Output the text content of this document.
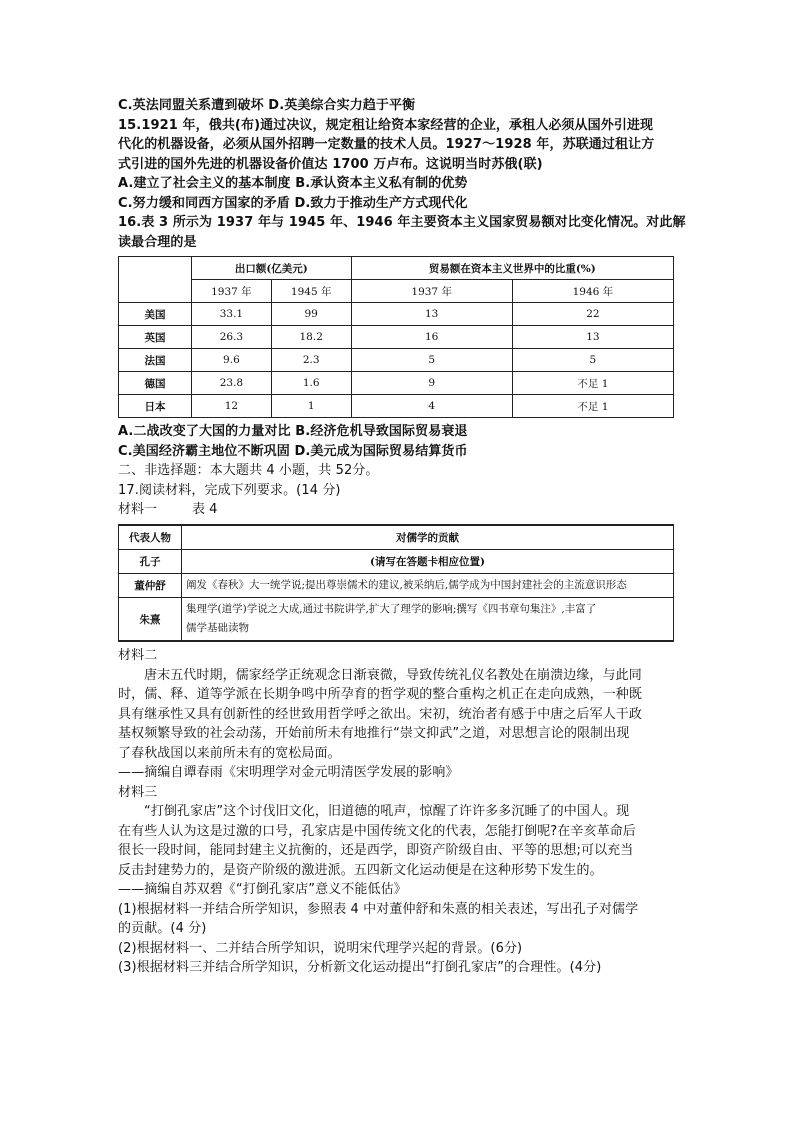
C.英法同盟关系遭到破坏 D.英美综合实力趋于平衡
15.1921 年，俄共(布)通过决议，规定租让给资本家经营的企业，承租人必须从国外引进现
代化的机器设备，必须从国外招聘一定数量的技术人员。1927～1928 年，苏联通过租让方
式引进的国外先进的机器设备价值达 1700 万卢布。这说明当时苏俄(联)
A.建立了社会主义的基本制度 B.承认资本主义私有制的优势
C.努力缓和同西方国家的矛盾 D.致力于推动生产方式现代化
16.表 3 所示为 1937 年与 1945 年、1946 年主要资本主义国家贸易额对比变化情况。对此解
读最合理的是
	出口额(亿美元)		贸易额在资本主义世界中的比重(%)	
	1937 年	1945 年	1937 年	1946 年
美国	33.1	99	13	22
英国	26.3	18.2	16	13
法国	9.6	2.3	5	5
德国	23.8	1.6	9	不足 1
日本	12	1	4	不足 1
A.二战改变了大国的力量对比 B.经济危机导致国际贸易衰退
C.美国经济霸主地位不断巩固 D.美元成为国际贸易结算货币
二、非选择题：本大题共 4 小题，共 52分。
17.阅读材料，完成下列要求。(14 分)
材料一	表 4
代表人物	对儒学的贡献
孔子	(请写在答题卡相应位置)
董仲舒	阐发《春秋》大一统学说;提出尊崇儒术的建议,被采纳后,儒学成为中国封建社会的主流意识形态
朱熹	集理学(道学)学说之大成,通过书院讲学,扩大了理学的影响;撰写《四书章句集注》,丰富了
儒学基础读物
材料二
唐末五代时期，儒家经学正统观念日渐衰微，导致传统礼仪名教处在崩溃边缘，与此同
时，儒、释、道等学派在长期争鸣中所孕育的哲学观的整合重构之机正在走向成熟，一种既
具有继承性又具有创新性的经世致用哲学呼之欲出。宋初，统治者有感于中唐之后军人干政
基权频繁导致的社会动荡，开始前所未有地推行“崇文抑武”之道，对思想言论的限制出现
了春秋战国以来前所未有的宽松局面。
——摘编自谭春雨《宋明理学对金元明清医学发展的影响》
材料三
“打倒孔家店”这个讨伐旧文化，旧道德的吼声，惊醒了许许多多沉睡了的中国人。现
在有些人认为这是过激的口号，孔家店是中国传统文化的代表，怎能打倒呢?在辛亥革命后
很长一段时间，能同封建主义抗衡的，还是西学，即资产阶级自由、平等的思想;可以充当
反击封建势力的，是资产阶级的激进派。五四新文化运动便是在这种形势下发生的。
——摘编自苏双碧《“打倒孔家店”意义不能低估》
(1)根据材料一并结合所学知识，参照表 4 中对董仲舒和朱熹的相关表述，写出孔子对儒学
的贡献。(4 分)
(2)根据材料一、二并结合所学知识，说明宋代理学兴起的背景。(6分)
(3)根据材料三并结合所学知识，分析新文化运动提出“打倒孔家店”的合理性。(4分)
